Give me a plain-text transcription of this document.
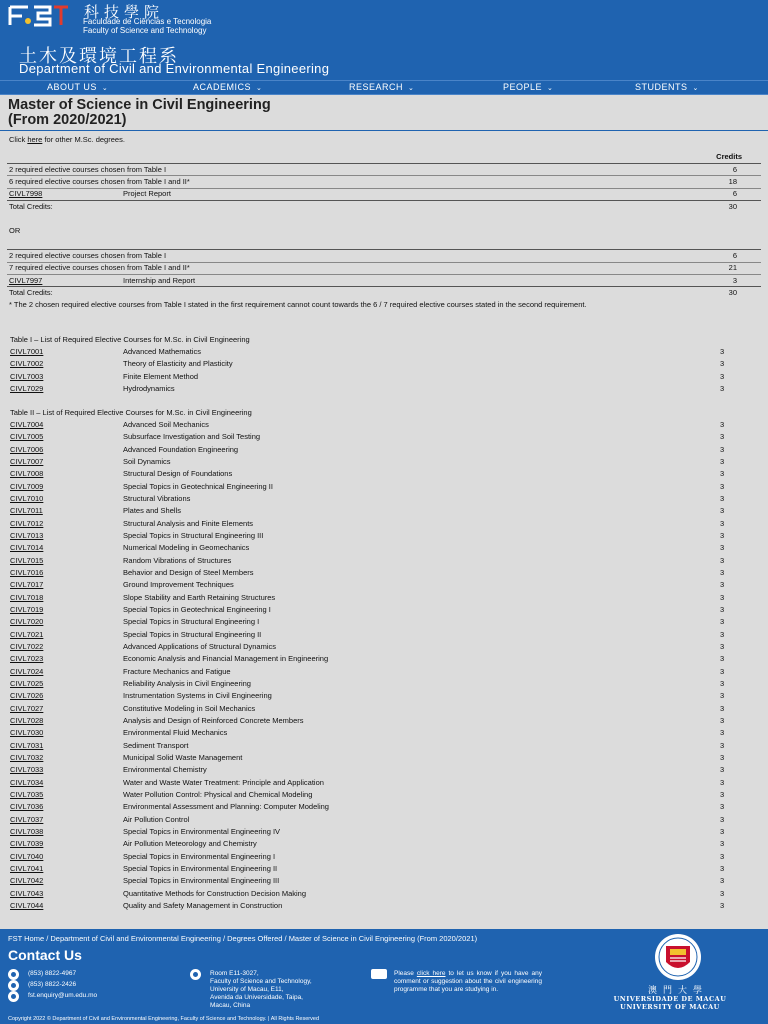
科技學院
Faculdade de Ciências e Tecnologia
Faculty of Science and Technology
土木及環境工程系
Department of Civil and Environmental Engineering
ABOUT US ⌄	ACADEMICS ⌄	RESEARCH ⌄	PEOPLE ⌄	STUDENTS ⌄
Master of Science in Civil Engineering
(From 2020/2021)
Click here for other M.Sc. degrees.
Credits
2 required elective courses chosen from Table I	6
6 required elective courses chosen from Table I and II*	18
CIVL7998	Project Report	6
Total Credits:	30
OR
2 required elective courses chosen from Table I	6
7 required elective courses chosen from Table I and II*	21
CIVL7997	Internship and Report	3
Total Credits:	30
* The 2 chosen required elective courses from Table I stated in the first requirement cannot count towards the 6 / 7 required elective courses stated in the second requirement.
Table I – List of Required Elective Courses for M.Sc. in Civil Engineering
CIVL7001	Advanced Mathematics	3
CIVL7002	Theory of Elasticity and Plasticity	3
CIVL7003	Finite Element Method	3
CIVL7029	Hydrodynamics	3
Table II – List of Required Elective Courses for M.Sc. in Civil Engineering
CIVL7004	Advanced Soil Mechanics	3
CIVL7005	Subsurface Investigation and Soil Testing	3
CIVL7006	Advanced Foundation Engineering	3
CIVL7007	Soil Dynamics	3
CIVL7008	Structural Design of Foundations	3
CIVL7009	Special Topics in Geotechnical Engineering II	3
CIVL7010	Structural Vibrations	3
CIVL7011	Plates and Shells	3
CIVL7012	Structural Analysis and Finite Elements	3
CIVL7013	Special Topics in Structural Engineering III	3
CIVL7014	Numerical Modeling in Geomechanics	3
CIVL7015	Random Vibrations of Structures	3
CIVL7016	Behavior and Design of Steel Members	3
CIVL7017	Ground Improvement Techniques	3
CIVL7018	Slope Stability and Earth Retaining Structures	3
CIVL7019	Special Topics in Geotechnical Engineering I	3
CIVL7020	Special Topics in Structural Engineering I	3
CIVL7021	Special Topics in Structural Engineering II	3
CIVL7022	Advanced Applications of Structural Dynamics	3
CIVL7023	Economic Analysis and Financial Management in Engineering	3
CIVL7024	Fracture Mechanics and Fatigue	3
CIVL7025	Reliability Analysis in Civil Engineering	3
CIVL7026	Instrumentation Systems in Civil Engineering	3
CIVL7027	Constitutive Modeling in Soil Mechanics	3
CIVL7028	Analysis and Design of Reinforced Concrete Members	3
CIVL7030	Environmental Fluid Mechanics	3
CIVL7031	Sediment Transport	3
CIVL7032	Municipal Solid Waste Management	3
CIVL7033	Environmental Chemistry	3
CIVL7034	Water and Waste Water Treatment: Principle and Application	3
CIVL7035	Water Pollution Control: Physical and Chemical Modeling	3
CIVL7036	Environmental Assessment and Planning: Computer Modeling	3
CIVL7037	Air Pollution Control	3
CIVL7038	Special Topics in Environmental Engineering IV	3
CIVL7039	Air Pollution Meteorology and Chemistry	3
CIVL7040	Special Topics in Environmental Engineering I	3
CIVL7041	Special Topics in Environmental Engineering II	3
CIVL7042	Special Topics in Environmental Engineering III	3
CIVL7043	Quantitative Methods for Construction Decision Making	3
CIVL7044	Quality and Safety Management in Construction	3
FST Home / Department of Civil and Environmental Engineering / Degrees Offered / Master of Science in Civil Engineering (From 2020/2021)
Contact Us
(853) 8822-4967
(853) 8822-2426
fst.enquiry@um.edu.mo
Room E11-3027,
Faculty of Science and Technology,
University of Macau, E11,
Avenida da Universidade, Taipa,
Macau, China
Please click here to let us know if you have any comment or suggestion about the civil engineering programme that you are studying in.	澳門大學
UNIVERSIDADE DE MACAU
UNIVERSITY OF MACAU
Copyright 2022 © Department of Civil and Environmental Engineering, Faculty of Science and Technology. | All Rights Reserved
